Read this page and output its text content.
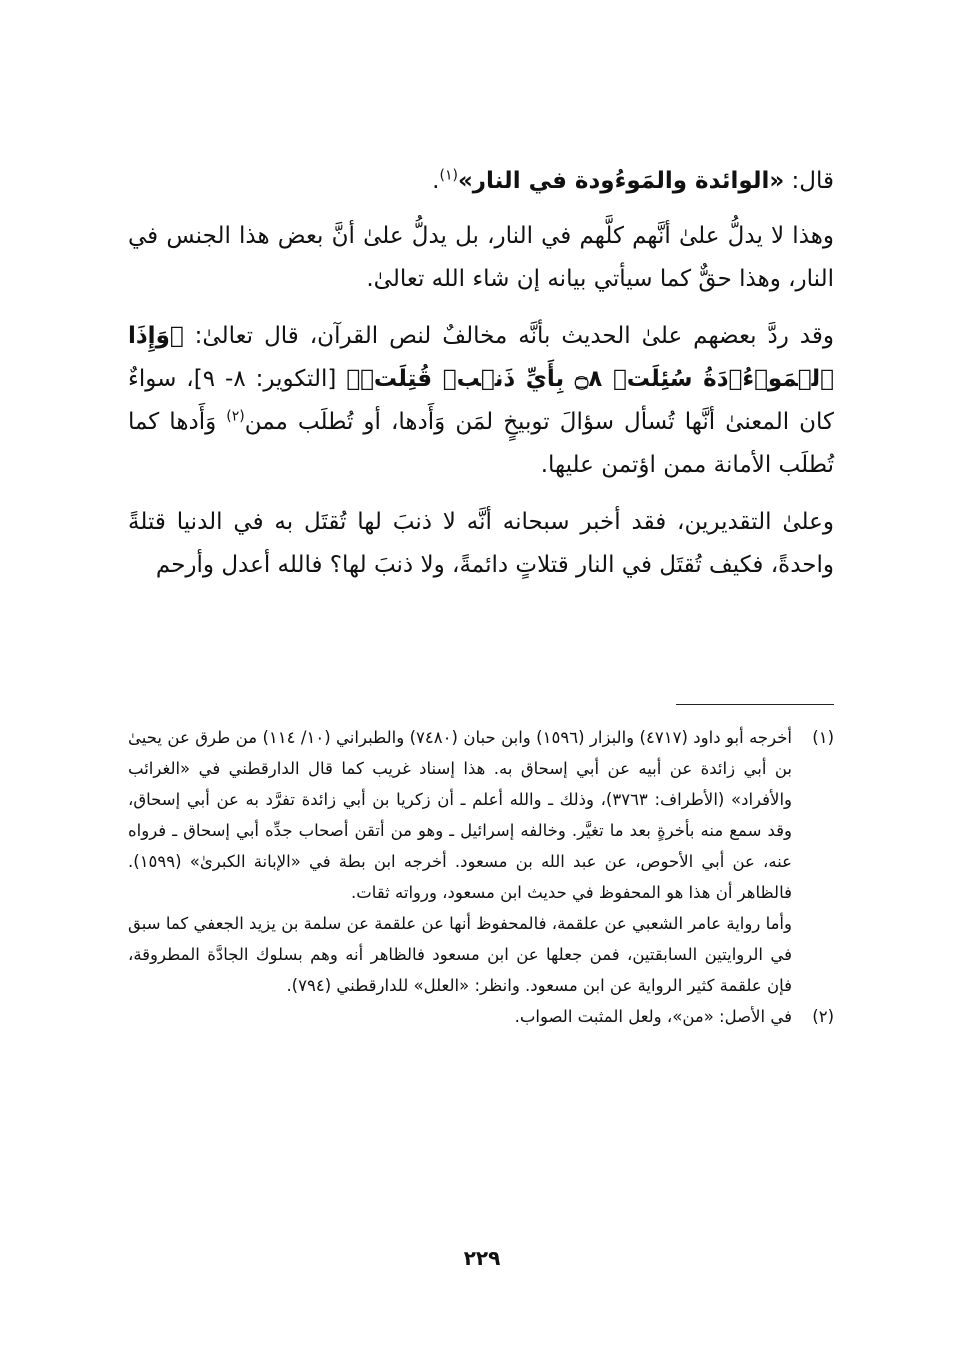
قال: «الوائدة والمَوءُودة في النار»$^{(١)}$.

وهذا لا يدلُّ علىٰ أنَّهم كلَّهم في النار، بل يدلُّ علىٰ أنَّ بعض هذا الجنس في النار، وهذا حقٌّ كما سيأتي بيانه إن شاء الله تعالىٰ.

وقد ردَّ بعضهم علىٰ الحديث بأنَّه مخالفٌ لنص القرآن، قال تعالىٰ: ﴿وَإِذَا ٱلۡمَوۡءُۥدَةُ سُئِلَتۡ ۝٨ بِأَيِّ ذَنۢبٖ قُتِلَتۡ﴾ [التكوير: ٨- ٩]، سواءٌ كان المعنىٰ أنَّها تُسأل سؤالَ توبيخٍ لمَن وَأَدها، أو تُطلَب ممن$^{(٢)}$ وَأَدها كما تُطلَب الأمانة ممن اؤتمن عليها.

وعلىٰ التقديرين، فقد أخبر سبحانه أنَّه لا ذنبَ لها تُقتَل به في الدنيا قتلةً واحدةً، فكيف تُقتَل في النار قتلاتٍ دائمةً، ولا ذنبَ لها؟ فالله أعدل وأرحم

(١)

أخرجه أبو داود (٤٧١٧) والبزار (١٥٩٦) وابن حبان (٧٤٨٠) والطبراني (١٠/ ١١٤) من طرق عن يحيىٰ بن أبي زائدة عن أبيه عن أبي إسحاق به. هذا إسناد غريب كما قال الدارقطني في «الغرائب والأفراد» (الأطراف: ٣٧٦٣)، وذلك ـ والله أعلم ـ أن زكريا بن أبي زائدة تفرَّد به عن أبي إسحاق، وقد سمع منه بأخرةٍ بعد ما تغيَّر. وخالفه إسرائيل ـ وهو من أتقن أصحاب جدِّه أبي إسحاق ـ فرواه عنه، عن أبي الأحوص، عن عبد الله بن مسعود. أخرجه ابن بطة في «الإبانة الكبرىٰ» (١٥٩٩). فالظاهر أن هذا هو المحفوظ في حديث ابن مسعود، ورواته ثقات.

وأما رواية عامر الشعبي عن علقمة، فالمحفوظ أنها عن علقمة عن سلمة بن يزيد الجعفي كما سبق في الروايتين السابقتين، فمن جعلها عن ابن مسعود فالظاهر أنه وهم بسلوك الجادَّة المطروقة، فإن علقمة كثير الرواية عن ابن مسعود. وانظر: «العلل» للدارقطني (٧٩٤).

(٢)

في الأصل: «من»، ولعل المثبت الصواب.

٢٢٩
